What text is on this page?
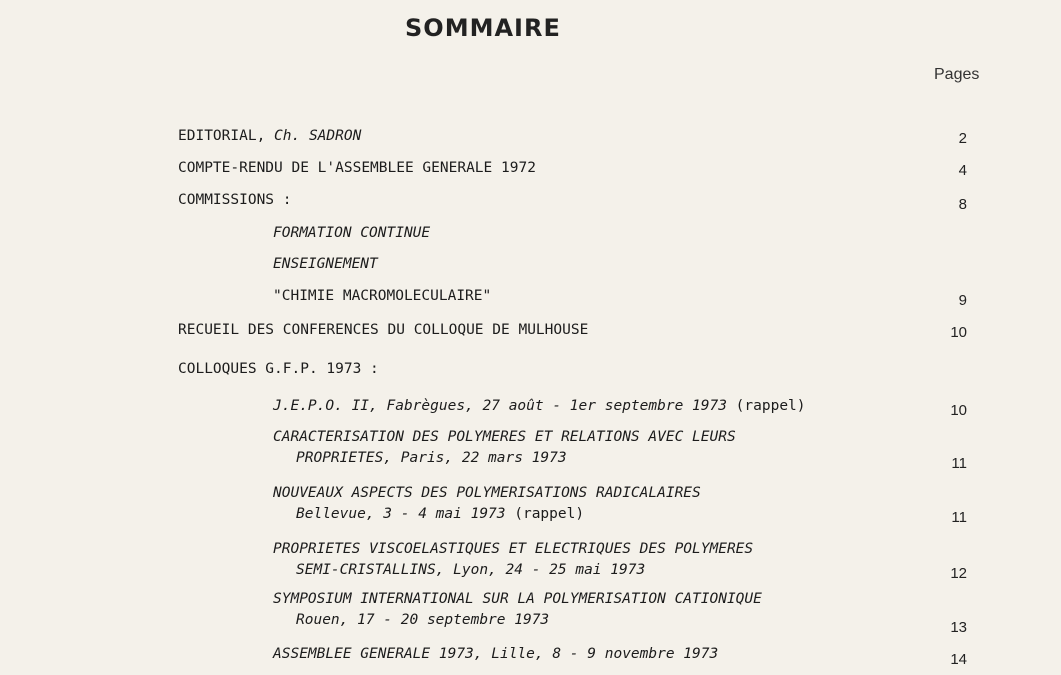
SOMMAIRE
Pages
EDITORIAL, Ch. SADRON	2
COMPTE-RENDU DE L'ASSEMBLEE GENERALE 1972	4
COMMISSIONS :	8
FORMATION CONTINUE
ENSEIGNEMENT
"CHIMIE MACROMOLECULAIRE"	9
RECUEIL DES CONFERENCES DU COLLOQUE DE MULHOUSE	10
COLLOQUES G.F.P. 1973 :
J.E.P.O. II, Fabrègues, 27 août - 1er septembre 1973 (rappel)	10
CARACTERISATION DES POLYMERES ET RELATIONS AVEC LEURS
PROPRIETES, Paris, 22 mars 1973	11
NOUVEAUX ASPECTS DES POLYMERISATIONS RADICALAIRES
Bellevue, 3 - 4 mai 1973 (rappel)	11
PROPRIETES VISCOELASTIQUES ET ELECTRIQUES DES POLYMERES
SEMI-CRISTALLINS, Lyon, 24 - 25 mai 1973	12
SYMPOSIUM INTERNATIONAL SUR LA POLYMERISATION CATIONIQUE
Rouen, 17 - 20 septembre 1973	13
ASSEMBLEE GENERALE 1973, Lille, 8 - 9 novembre 1973	14
